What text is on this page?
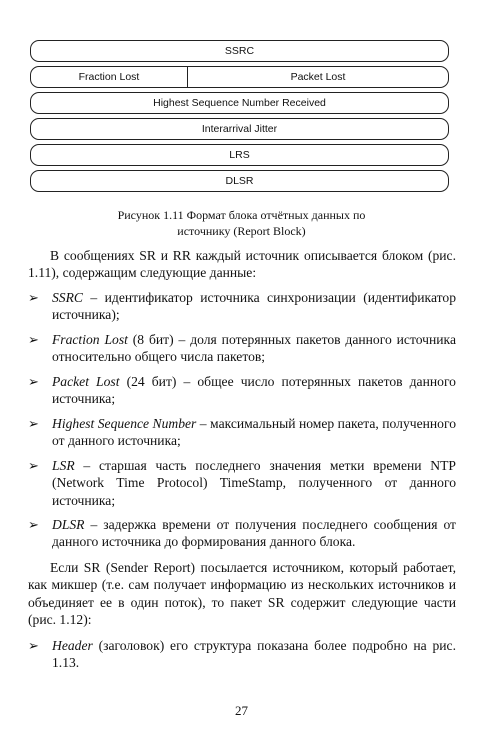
SSRC
Fraction Lost	Packet Lost
Highest Sequence Number Received
Interarrival Jitter
LRS
DLSR
Рисунок 1.11 Формат блока отчётных данных по
источнику (Report Block)
В сообщениях SR и RR каждый источник описывается блоком (рис. 1.11), содержащим следующие данные:
➢ SSRC – идентификатор источника синхронизации (идентификатор источника);
➢ Fraction Lost (8 бит) – доля потерянных пакетов данного источника относительно общего числа пакетов;
➢ Packet Lost (24 бит) – общее число потерянных пакетов данного источника;
➢ Highest Sequence Number – максимальный номер пакета, полученного от данного источника;
➢ LSR – старшая часть последнего значения метки времени NTP (Network Time Protocol) TimeStamp, полученного от данного источника;
➢ DLSR – задержка времени от получения последнего сообщения от данного источника до формирования данного блока.
Если SR (Sender Report) посылается источником, который работает, как микшер (т.е. сам получает информацию из нескольких источников и объединяет ее в один поток), то пакет SR содержит следующие части (рис. 1.12):
➢ Header (заголовок) его структура показана более подробно на рис. 1.13.
27
